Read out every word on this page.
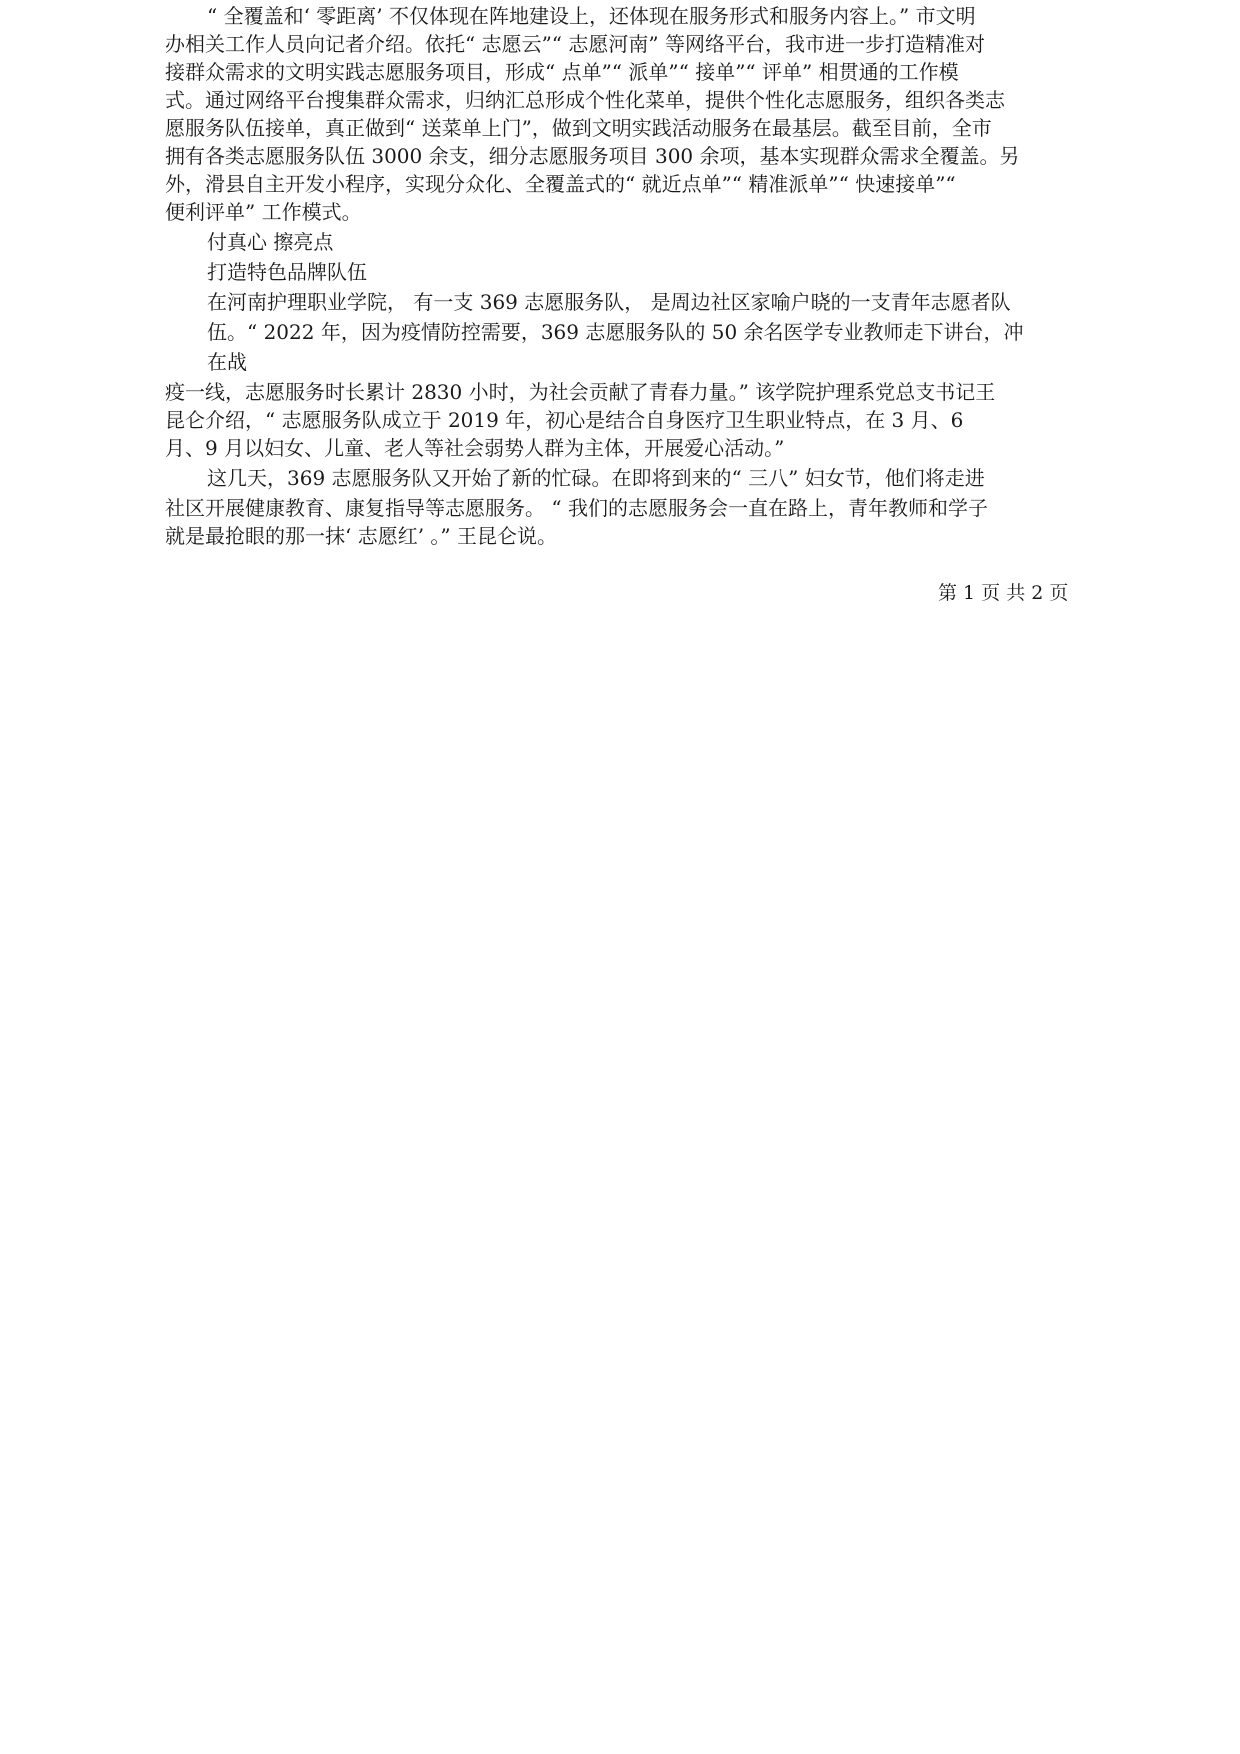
“ 全覆盖和‘ 零距离’ 不仅体现在阵地建设上，还体现在服务形式和服务内容上。” 市文明
办相关工作人员向记者介绍。依托“ 志愿云”“ 志愿河南” 等网络平台，我市进一步打造精准对
接群众需求的文明实践志愿服务项目，形成“ 点单”“ 派单”“ 接单”“ 评单” 相贯通的工作模
式。通过网络平台搜集群众需求，归纳汇总形成个性化菜单，提供个性化志愿服务，组织各类志
愿服务队伍接单，真正做到“ 送菜单上门”，做到文明实践活动服务在最基层。截至目前，全市
拥有各类志愿服务队伍 3000 余支，细分志愿服务项目 300 余项，基本实现群众需求全覆盖。另
外，滑县自主开发小程序，实现分众化、全覆盖式的“ 就近点单”“ 精准派单”“ 快速接单”“
便利评单” 工作模式。
付真心 擦亮点
打造特色品牌队伍
在河南护理职业学院， 有一支 369 志愿服务队， 是周边社区家喻户晓的一支青年志愿者队
伍。“ 2022 年，因为疫情防控需要，369 志愿服务队的 50 余名医学专业教师走下讲台，冲
在战
疫一线，志愿服务时长累计 2830 小时，为社会贡献了青春力量。” 该学院护理系党总支书记王
昆仑介绍，“ 志愿服务队成立于 2019 年，初心是结合自身医疗卫生职业特点，在 3 月、6
月、9 月以妇女、儿童、老人等社会弱势人群为主体，开展爱心活动。”
这几天，369 志愿服务队又开始了新的忙碌。在即将到来的“ 三八” 妇女节，他们将走进
社区开展健康教育、康复指导等志愿服务。 “ 我们的志愿服务会一直在路上，青年教师和学子
就是最抢眼的那一抹‘ 志愿红’ 。” 王昆仑说。
第 1 页 共 2 页
